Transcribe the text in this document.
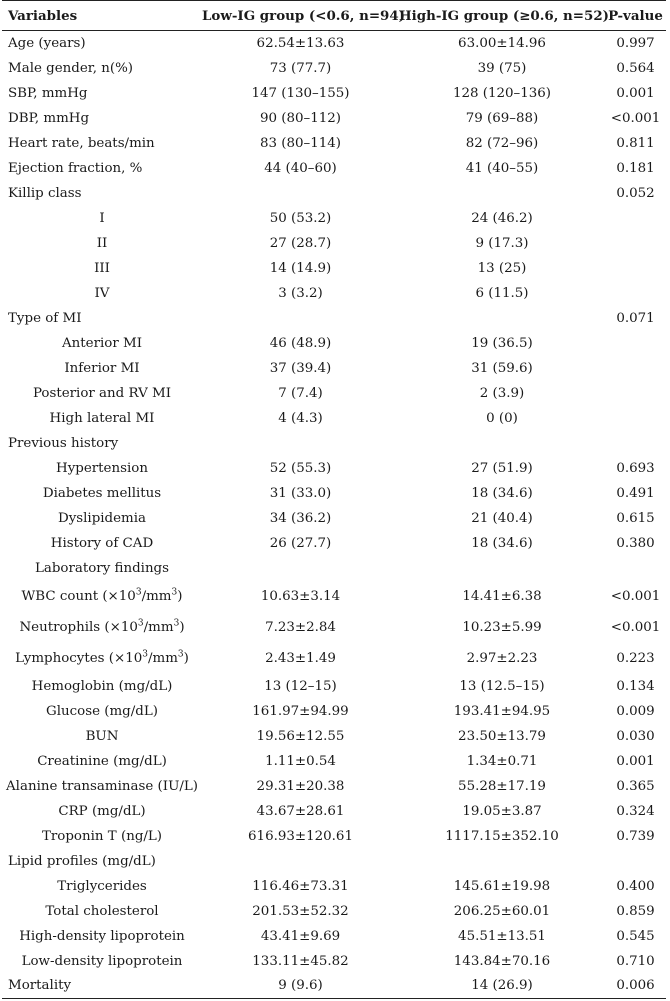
Variables	Low-IG group (<0.6, n=94)	High-IG group (≥0.6, n=52)	P-value
Age (years)	62.54±13.63	63.00±14.96	0.997
Male gender, n(%)	73 (77.7)	39 (75)	0.564
SBP, mmHg	147 (130–155)	128 (120–136)	0.001
DBP, mmHg	90 (80–112)	79 (69–88)	<0.001
Heart rate, beats/min	83 (80–114)	82 (72–96)	0.811
Ejection fraction, %	44 (40–60)	41 (40–55)	0.181
Killip class			0.052
I	50 (53.2)	24 (46.2)	
II	27 (28.7)	9 (17.3)	
III	14 (14.9)	13 (25)	
IV	3 (3.2)	6 (11.5)	
Type of MI			0.071
Anterior MI	46 (48.9)	19 (36.5)	
Inferior MI	37 (39.4)	31 (59.6)	
Posterior and RV MI	7 (7.4)	2 (3.9)	
High lateral MI	4 (4.3)	0 (0)	
Previous history			
Hypertension	52 (55.3)	27 (51.9)	0.693
Diabetes mellitus	31 (33.0)	18 (34.6)	0.491
Dyslipidemia	34 (36.2)	21 (40.4)	0.615
History of CAD	26 (27.7)	18 (34.6)	0.380
Laboratory findings			
WBC count $(\times 10^3/mm^3)$	10.63±3.14	14.41±6.38	<0.001
Neutrophils $(\times 10^3/mm^3)$	7.23±2.84	10.23±5.99	<0.001
Lymphocytes $(\times 10^3/mm^3)$	2.43±1.49	2.97±2.23	0.223
Hemoglobin (mg/dL)	13 (12–15)	13 (12.5–15)	0.134
Glucose (mg/dL)	161.97±94.99	193.41±94.95	0.009
BUN	19.56±12.55	23.50±13.79	0.030
Creatinine (mg/dL)	1.11±0.54	1.34±0.71	0.001
Alanine transaminase (IU/L)	29.31±20.38	55.28±17.19	0.365
CRP (mg/dL)	43.67±28.61	19.05±3.87	0.324
Troponin T (ng/L)	616.93±120.61	1117.15±352.10	0.739
Lipid profiles (mg/dL)			
Triglycerides	116.46±73.31	145.61±19.98	0.400
Total cholesterol	201.53±52.32	206.25±60.01	0.859
High-density lipoprotein	43.41±9.69	45.51±13.51	0.545
Low-density lipoprotein	133.11±45.82	143.84±70.16	0.710
Mortality	9 (9.6)	14 (26.9)	0.006
